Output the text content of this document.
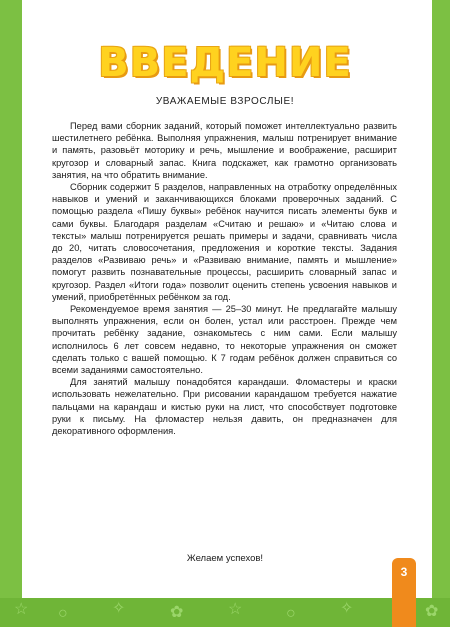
☆ ○	✧	✿	☆	○	✧	✿
3
ВВЕДЕНИЕ
УВАЖАЕМЫЕ ВЗРОСЛЫЕ!

Перед вами сборник заданий, который поможет интеллектуально развить шестилетнего ребёнка. Выполняя упражнения, малыш потренирует внимание и память, разовьёт моторику и речь, мышление и воображение, расширит кругозор и словарный запас. Книга подскажет, как грамотно организовать занятия, на что обратить внимание.

Сборник содержит 5 разделов, направленных на отработку определённых навыков и умений и заканчивающихся блоками проверочных заданий. С помощью раздела «Пишу буквы» ребёнок научится писать элементы букв и сами буквы. Благодаря разделам «Считаю и решаю» и «Читаю слова и тексты» малыш потренируется решать примеры и задачи, сравнивать числа до 20, читать словосочетания, предложения и короткие тексты. Задания разделов «Развиваю речь» и «Развиваю внимание, память и мышление» помогут развить познавательные процессы, расширить словарный запас и кругозор. Раздел «Итоги года» позволит оценить степень усвоения навыков и умений, приобретённых ребёнком за год.

Рекомендуемое время занятия — 25–30 минут. Не предлагайте малышу выполнять упражнения, если он болен, устал или расстроен. Прежде чем прочитать ребёнку задание, ознакомьтесь с ним сами. Если малышу исполнилось 6 лет совсем недавно, то некоторые упражнения он сможет сделать только с вашей помощью. К 7 годам ребёнок должен справиться со всеми заданиями самостоятельно.

Для занятий малышу понадобятся карандаши. Фломастеры и краски использовать нежелательно. При рисовании карандашом требуется нажатие пальцами на карандаш и кистью руки на лист, что способствует подготовке руки к письму. На фломастер нельзя давить, он предназначен для декоративного оформления.

Желаем успехов!
